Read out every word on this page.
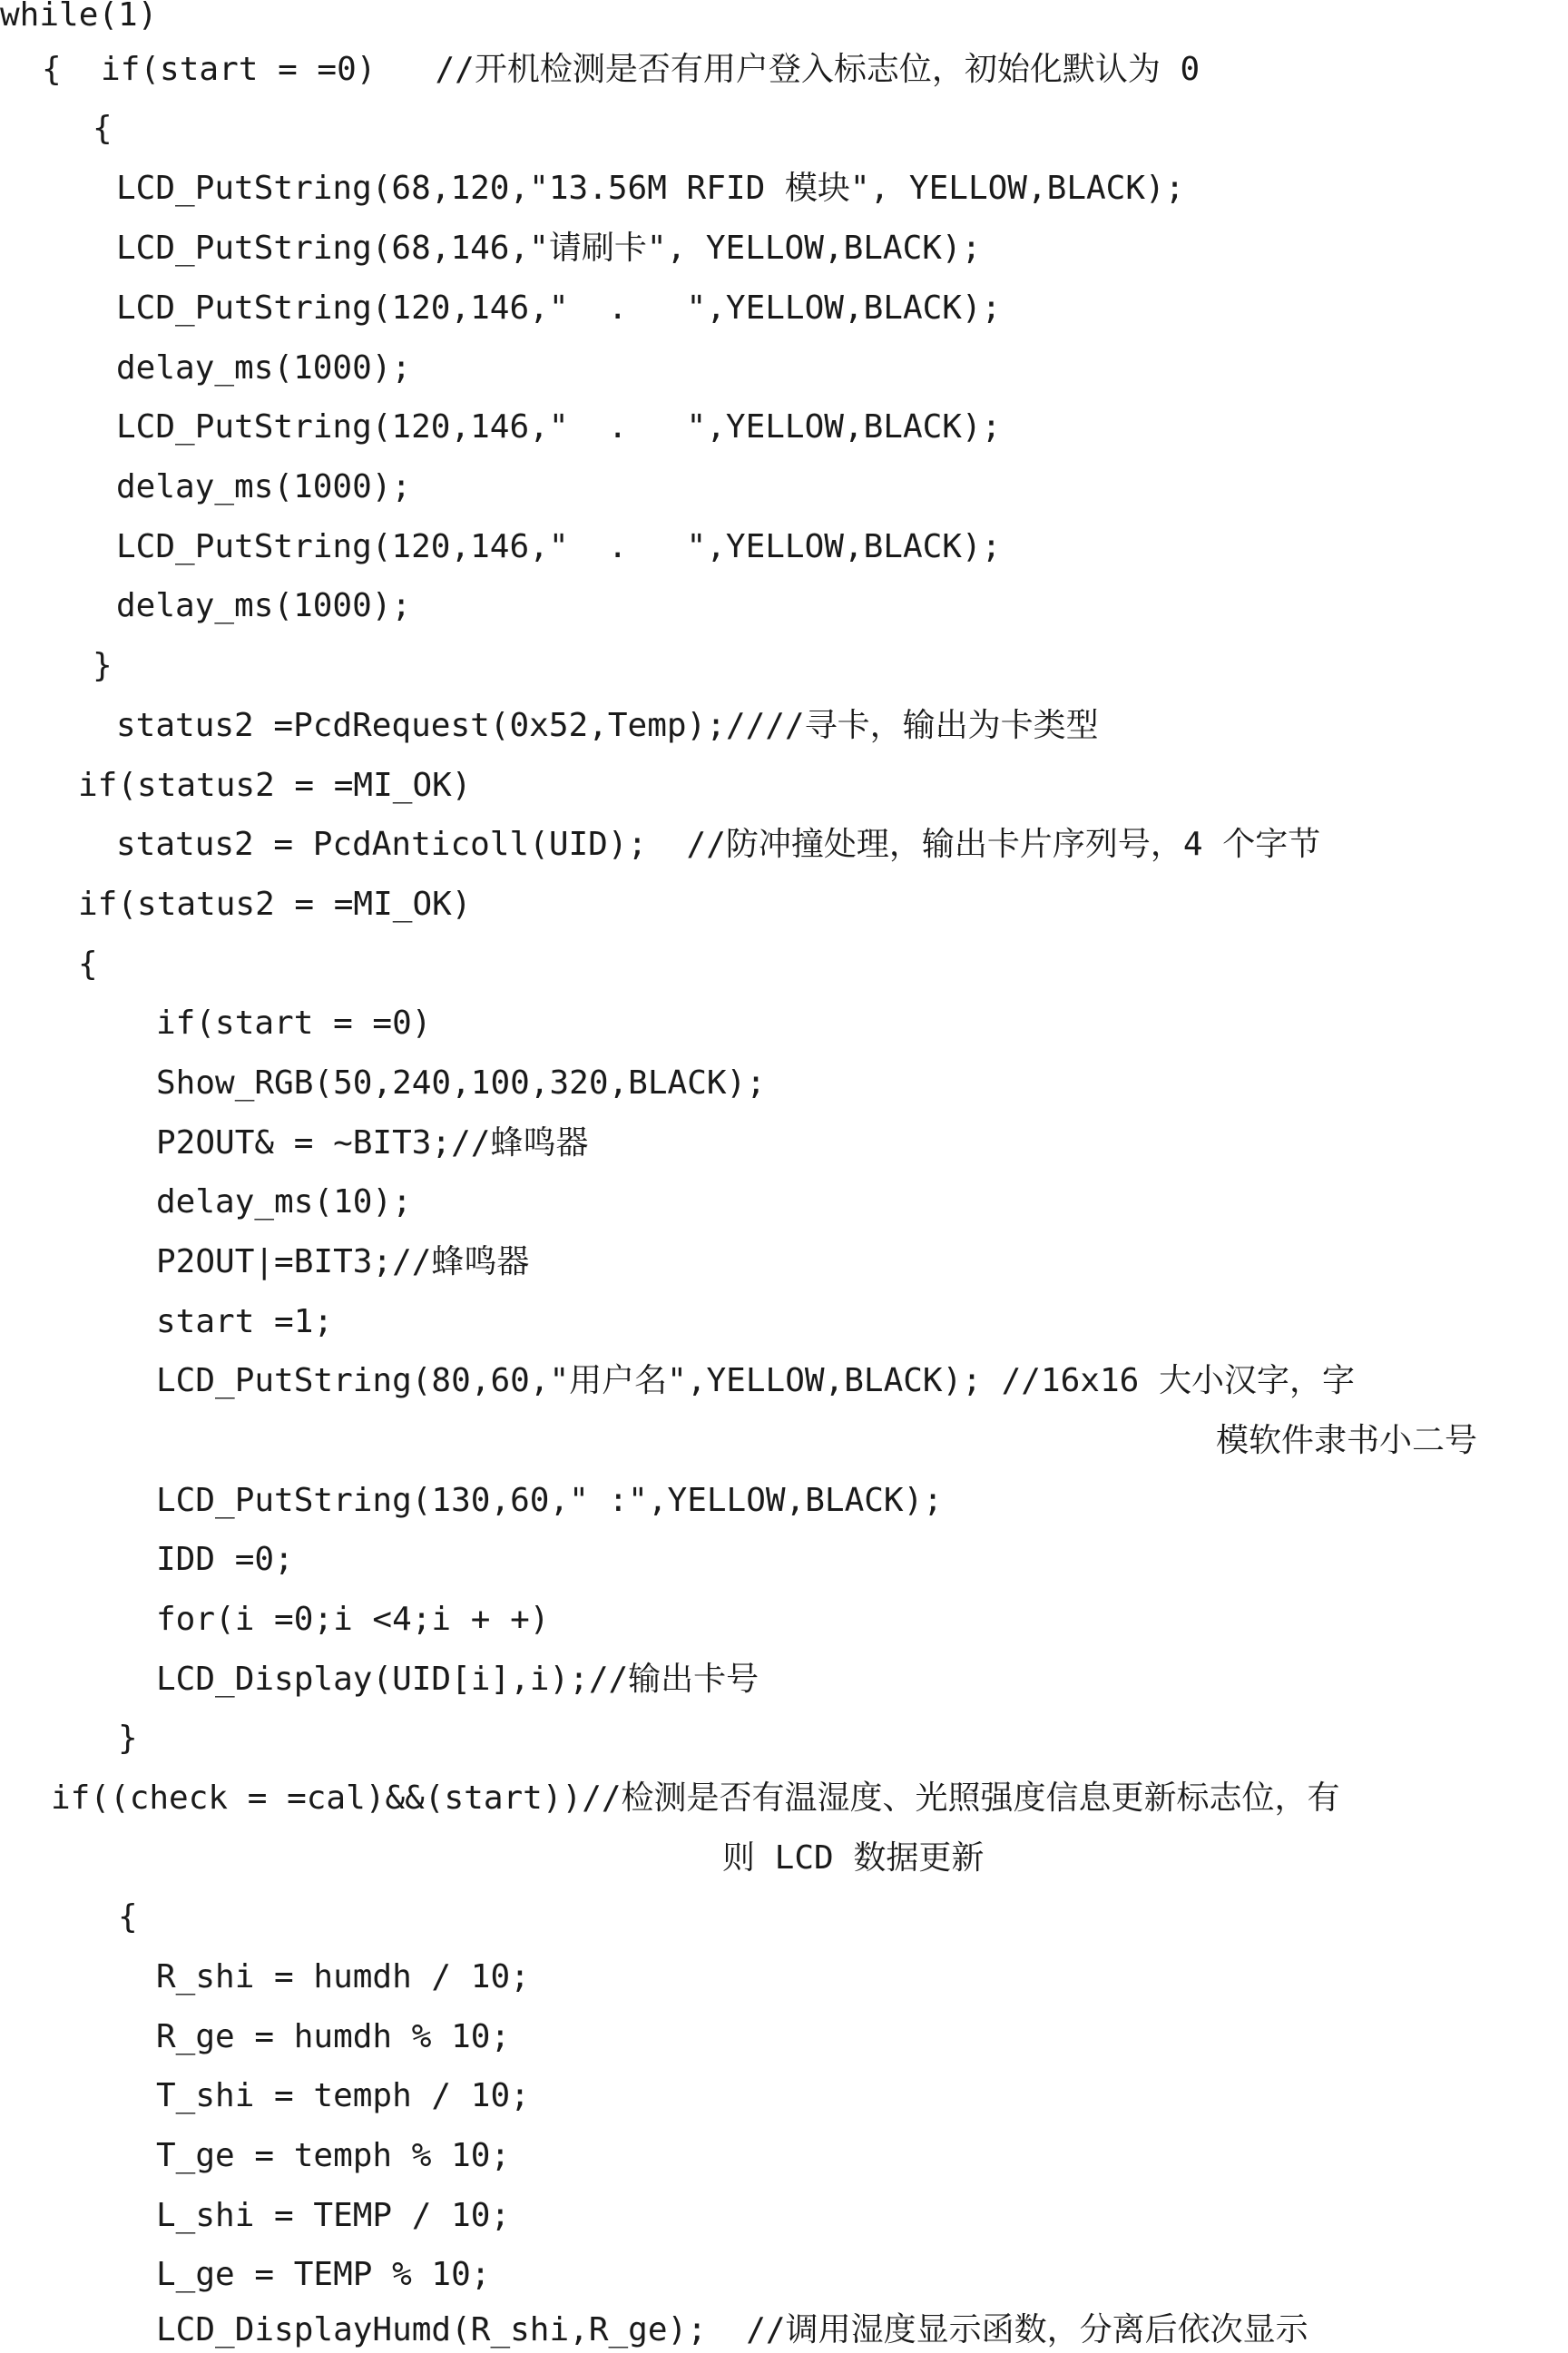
while(1)
{  if(start = =0)   //开机检测是否有用户登入标志位，初始化默认为 0
{
LCD_PutString(68,120,"13.56M RFID 模块", YELLOW,BLACK);
LCD_PutString(68,146,"请刷卡", YELLOW,BLACK);
LCD_PutString(120,146,"  .   ",YELLOW,BLACK);
delay_ms(1000);
LCD_PutString(120,146,"  .   ",YELLOW,BLACK);
delay_ms(1000);
LCD_PutString(120,146,"  .   ",YELLOW,BLACK);
delay_ms(1000);
}
status2 =PcdRequest(0x52,Temp);////寻卡，输出为卡类型
if(status2 = =MI_OK)
status2 = PcdAnticoll(UID);  //防冲撞处理，输出卡片序列号，4 个字节
if(status2 = =MI_OK)
{
if(start = =0)
Show_RGB(50,240,100,320,BLACK);
P2OUT& = ~BIT3;//蜂鸣器
delay_ms(10);
P2OUT|=BIT3;//蜂鸣器
start =1;
LCD_PutString(80,60,"用户名",YELLOW,BLACK); //16x16 大小汉字，字
模软件隶书小二号
LCD_PutString(130,60," :",YELLOW,BLACK);
IDD =0;
for(i =0;i <4;i + +)
LCD_Display(UID[i],i);//输出卡号
}
if((check = =cal)&&(start))//检测是否有温湿度、光照强度信息更新标志位，有
则 LCD 数据更新
{
R_shi = humdh / 10;
R_ge = humdh % 10;
T_shi = temph / 10;
T_ge = temph % 10;
L_shi = TEMP / 10;
L_ge = TEMP % 10;
LCD_DisplayHumd(R_shi,R_ge);  //调用湿度显示函数，分离后依次显示
